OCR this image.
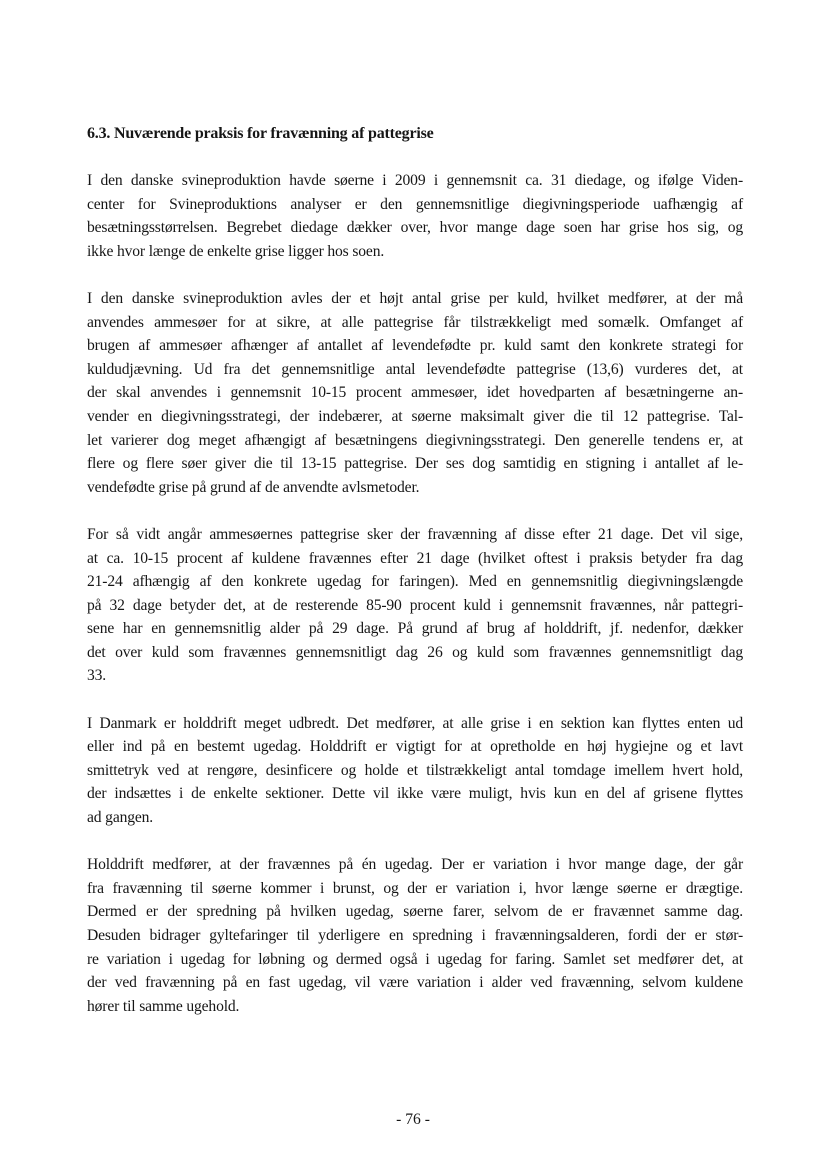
6.3. Nuværende praksis for fravænning af pattegrise
I den danske svineproduktion havde søerne i 2009 i gennemsnit ca. 31 diedage, og ifølge Viden-
center for Svineproduktions analyser er den gennemsnitlige diegivningsperiode uafhængig af
besætningsstørrelsen. Begrebet diedage dækker over, hvor mange dage soen har grise hos sig, og
ikke hvor længe de enkelte grise ligger hos soen.
I den danske svineproduktion avles der et højt antal grise per kuld, hvilket medfører, at der må
anvendes ammesøer for at sikre, at alle pattegrise får tilstrækkeligt med somælk. Omfanget af
brugen af ammesøer afhænger af antallet af levendefødte pr. kuld samt den konkrete strategi for
kuldudjævning. Ud fra det gennemsnitlige antal levendefødte pattegrise (13,6) vurderes det, at
der skal anvendes i gennemsnit 10-15 procent ammesøer, idet hovedparten af besætningerne an-
vender en diegivningsstrategi, der indebærer, at søerne maksimalt giver die til 12 pattegrise. Tal-
let varierer dog meget afhængigt af besætningens diegivningsstrategi. Den generelle tendens er, at
flere og flere søer giver die til 13-15 pattegrise. Der ses dog samtidig en stigning i antallet af le-
vendefødte grise på grund af de anvendte avlsmetoder.
For så vidt angår ammesøernes pattegrise sker der fravænning af disse efter 21 dage. Det vil sige,
at ca. 10-15 procent af kuldene fravænnes efter 21 dage (hvilket oftest i praksis betyder fra dag
21-24 afhængig af den konkrete ugedag for faringen). Med en gennemsnitlig diegivningslængde
på 32 dage betyder det, at de resterende 85-90 procent kuld i gennemsnit fravænnes, når pattegri-
sene har en gennemsnitlig alder på 29 dage. På grund af brug af holddrift, jf. nedenfor, dækker
det over kuld som fravænnes gennemsnitligt dag 26 og kuld som fravænnes gennemsnitligt dag
33.
I Danmark er holddrift meget udbredt. Det medfører, at alle grise i en sektion kan flyttes enten ud
eller ind på en bestemt ugedag. Holddrift er vigtigt for at opretholde en høj hygiejne og et lavt
smittetryk ved at rengøre, desinficere og holde et tilstrækkeligt antal tomdage imellem hvert hold,
der indsættes i de enkelte sektioner. Dette vil ikke være muligt, hvis kun en del af grisene flyttes
ad gangen.
Holddrift medfører, at der fravænnes på én ugedag. Der er variation i hvor mange dage, der går
fra fravænning til søerne kommer i brunst, og der er variation i, hvor længe søerne er drægtige.
Dermed er der spredning på hvilken ugedag, søerne farer, selvom de er fravænnet samme dag.
Desuden bidrager gyltefaringer til yderligere en spredning i fravænningsalderen, fordi der er stør-
re variation i ugedag for løbning og dermed også i ugedag for faring. Samlet set medfører det, at
der ved fravænning på en fast ugedag, vil være variation i alder ved fravænning, selvom kuldene
hører til samme ugehold.
- 76 -
